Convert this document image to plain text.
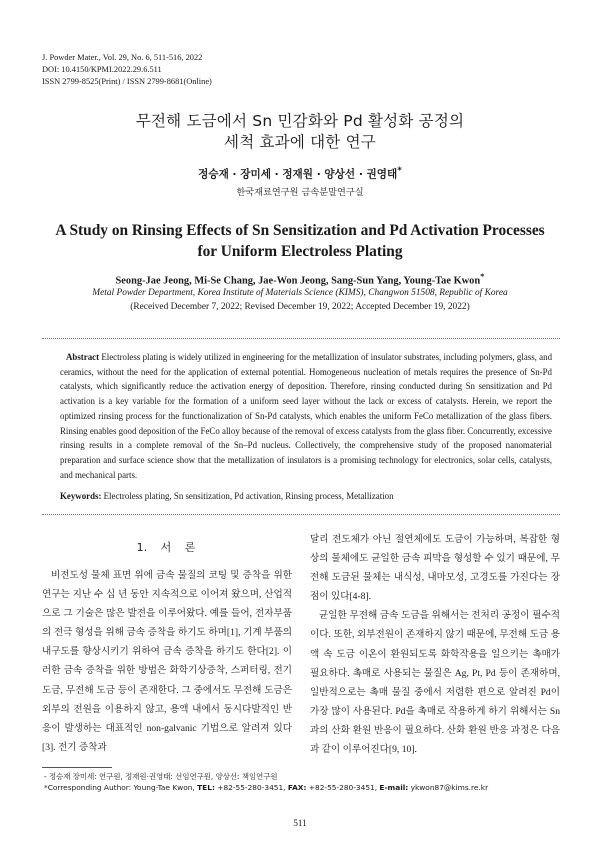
J. Powder Mater., Vol. 29, No. 6, 511-516, 2022
DOI: 10.4150/KPMI.2022.29.6.511
ISSN 2799-8525(Print) / ISSN 2799-8681(Online)
무전해 도금에서 Sn 민감화와 Pd 활성화 공정의
세척 효과에 대한 연구
정승재 · 장미세 · 정재원 · 양상선 · 권영태*
한국재료연구원 금속분말연구실
A Study on Rinsing Effects of Sn Sensitization and Pd Activation Processes
for Uniform Electroless Plating
Seong-Jae Jeong, Mi-Se Chang, Jae-Won Jeong, Sang-Sun Yang, Young-Tae Kwon*
Metal Powder Department, Korea Institute of Materials Science (KIMS), Changwon 51508, Republic of Korea
(Received December 7, 2022; Revised December 19, 2022; Accepted December 19, 2022)

Abstract Electroless plating is widely utilized in engineering for the metallization of insulator substrates, including polymers, glass, and ceramics, without the need for the application of external potential. Homogeneous nucleation of metals requires the presence of Sn-Pd catalysts, which significantly reduce the activation energy of deposition. Therefore, rinsing conducted during Sn sensitization and Pd activation is a key variable for the formation of a uniform seed layer without the lack or excess of catalysts. Herein, we report the optimized rinsing process for the functionalization of Sn-Pd catalysts, which enables the uniform FeCo metallization of the glass fibers. Rinsing enables good deposition of the FeCo alloy because of the removal of excess catalysts from the glass fiber. Concurrently, excessive rinsing results in a complete removal of the Sn–Pd nucleus. Collectively, the comprehensive study of the proposed nanomaterial preparation and surface science show that the metallization of insulators is a promising technology for electronics, solar cells, catalysts, and mechanical parts.

Keywords: Electroless plating, Sn sensitization, Pd activation, Rinsing process, Metallization
1. 서 론

비전도성 물체 표면 위에 금속 물질의 코팅 및 증착을 위한 연구는 지난 수 십 년 동안 지속적으로 이어져 왔으며, 산업적으로 그 기술은 많은 발전을 이루어왔다. 예를 들어, 전자부품의 전극 형성을 위해 금속 증착을 하기도 하며[1], 기계 부품의 내구도를 향상시키기 위하여 금속 증착을 하기도 한다[2]. 이러한 금속 증착을 위한 방법은 화학기상증착, 스퍼터링, 전기도금, 무전해 도금 등이 존재한다. 그 중에서도 무전해 도금은 외부의 전원을 이용하지 않고, 용액 내에서 동시다발적인 반응이 발생하는 대표적인 non-galvanic 기법으로 알려져 있다[3]. 전기 증착과

달리 전도체가 아닌 절연체에도 도금이 가능하며, 복잡한 형상의 물체에도 균일한 금속 피막을 형성할 수 있기 때문에, 무전해 도금된 물체는 내식성, 내마모성, 고경도를 가진다는 장점이 있다[4-8].

균일한 무전해 금속 도금을 위해서는 전처리 공정이 필수적이다. 또한, 외부전원이 존재하지 않기 때문에, 무전해 도금 용액 속 도금 이온이 환원되도록 화학작용을 일으키는 촉매가 필요하다. 촉매로 사용되는 물질은 Ag, Pt, Pd 등이 존재하며, 일반적으로는 촉매 물질 중에서 저렴한 편으로 알려진 Pd이 가장 많이 사용된다. Pd을 촉매로 작용하게 하기 위해서는 Sn과의 산화 환원 반응이 필요하다. 산화 환원 반응 과정은 다음과 같이 이루어진다[9, 10].

- 정승재 장미세: 연구원, 정재원·권영태: 선임연구원, 양상선: 책임연구원
*Corresponding Author: Young-Tae Kwon, TEL: +82-55-280-3451, FAX: +82-55-280-3451, E-mail: ykwon87@kims.re.kr
511
